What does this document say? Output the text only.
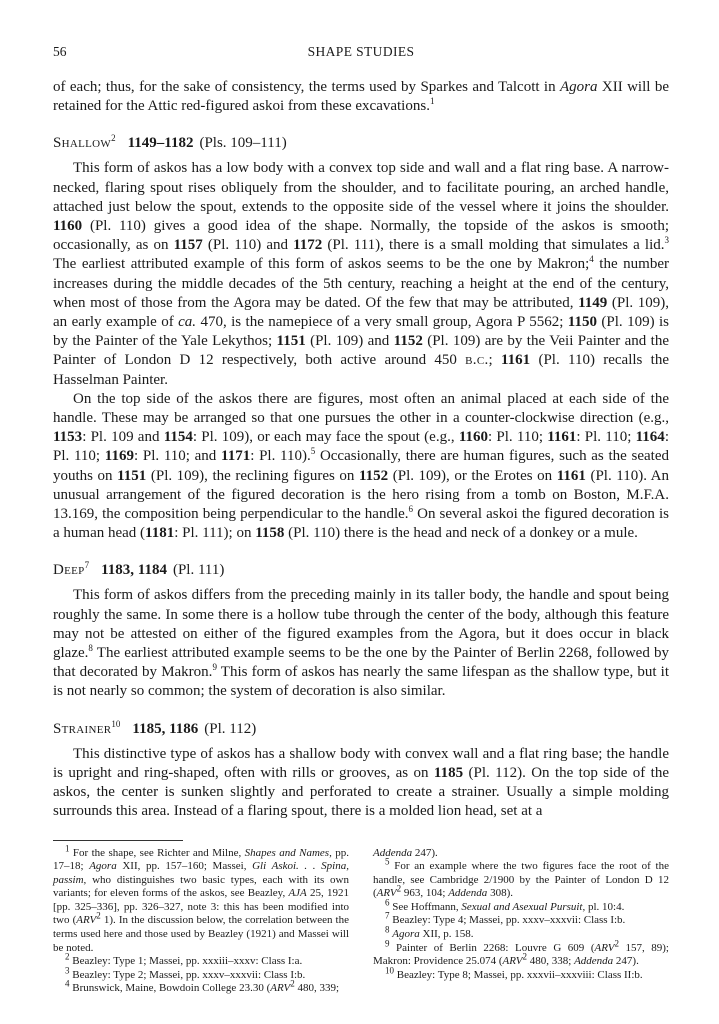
56	SHAPE STUDIES

of each; thus, for the sake of consistency, the terms used by Sparkes and Talcott in Agora XII will be retained for the Attic red-figured askoi from these excavations.$^1$

Shallow$^2$ 1149–1182 (Pls. 109–111)

This form of askos has a low body with a convex top side and wall and a flat ring base. A narrow-necked, flaring spout rises obliquely from the shoulder, and to facilitate pouring, an arched handle, attached just below the spout, extends to the opposite side of the vessel where it joins the shoulder. 1160 (Pl. 110) gives a good idea of the shape. Normally, the topside of the askos is smooth; occasionally, as on 1157 (Pl. 110) and 1172 (Pl. 111), there is a small molding that simulates a lid.$^3$ The earliest attributed example of this form of askos seems to be the one by Makron;$^4$ the number increases during the middle decades of the 5th century, reaching a height at the end of the century, when most of those from the Agora may be dated. Of the few that may be attributed, 1149 (Pl. 109), an early example of ca. 470, is the namepiece of a very small group, Agora P 5562; 1150 (Pl. 109) is by the Painter of the Yale Lekythos; 1151 (Pl. 109) and 1152 (Pl. 109) are by the Veii Painter and the Painter of London D 12 respectively, both active around 450 b.c.; 1161 (Pl. 110) recalls the Hasselman Painter.

On the top side of the askos there are figures, most often an animal placed at each side of the handle. These may be arranged so that one pursues the other in a counter-clockwise direction (e.g., 1153: Pl. 109 and 1154: Pl. 109), or each may face the spout (e.g., 1160: Pl. 110; 1161: Pl. 110; 1164: Pl. 110; 1169: Pl. 110; and 1171: Pl. 110).$^5$ Occasionally, there are human figures, such as the seated youths on 1151 (Pl. 109), the reclining figures on 1152 (Pl. 109), or the Erotes on 1161 (Pl. 110). An unusual arrangement of the figured decoration is the hero rising from a tomb on Boston, M.F.A. 13.169, the composition being perpendicular to the handle.$^6$ On several askoi the figured decoration is a human head (1181: Pl. 111); on 1158 (Pl. 110) there is the head and neck of a donkey or a mule.

Deep$^7$ 1183, 1184 (Pl. 111)

This form of askos differs from the preceding mainly in its taller body, the handle and spout being roughly the same. In some there is a hollow tube through the center of the body, although this feature may not be attested on either of the figured examples from the Agora, but it does occur in black glaze.$^8$ The earliest attributed example seems to be the one by the Painter of Berlin 2268, followed by that decorated by Makron.$^9$ This form of askos has nearly the same lifespan as the shallow type, but it is not nearly so common; the system of decoration is also similar.

Strainer$^{10}$ 1185, 1186 (Pl. 112)

This distinctive type of askos has a shallow body with convex wall and a flat ring base; the handle is upright and ring-shaped, often with rills or grooves, as on 1185 (Pl. 112). On the top side of the askos, the center is sunken slightly and perforated to create a strainer. Usually a simple molding surrounds this area. Instead of a flaring spout, there is a molded lion head, set at a

$^1$ For the shape, see Richter and Milne, Shapes and Names, pp. 17–18; Agora XII, pp. 157–160; Massei, Gli Askoi. . . Spina, passim, who distinguishes two basic types, each with its own variants; for eleven forms of the askos, see Beazley, AJA 25, 1921 [pp. 325–336], pp. 326–327, note 3: this has been modified into two (ARV$^2$ 1). In the discussion below, the correlation between the terms used here and those used by Beazley (1921) and Massei will be noted.

$^2$ Beazley: Type 1; Massei, pp. xxxiii–xxxv: Class I:a.

$^3$ Beazley: Type 2; Massei, pp. xxxv–xxxvii: Class I:b.

$^4$ Brunswick, Maine, Bowdoin College 23.30 (ARV$^2$ 480, 339;

Addenda 247).

$^5$ For an example where the two figures face the root of the handle, see Cambridge 2/1900 by the Painter of London D 12 (ARV$^2$ 963, 104; Addenda 308).

$^6$ See Hoffmann, Sexual and Asexual Pursuit, pl. 10:4.

$^7$ Beazley: Type 4; Massei, pp. xxxv–xxxvii: Class I:b.

$^8$ Agora XII, p. 158.

$^9$ Painter of Berlin 2268: Louvre G 609 (ARV$^2$ 157, 89); Makron: Providence 25.074 (ARV$^2$ 480, 338; Addenda 247).

$^{10}$ Beazley: Type 8; Massei, pp. xxxvii–xxxviii: Class II:b.
